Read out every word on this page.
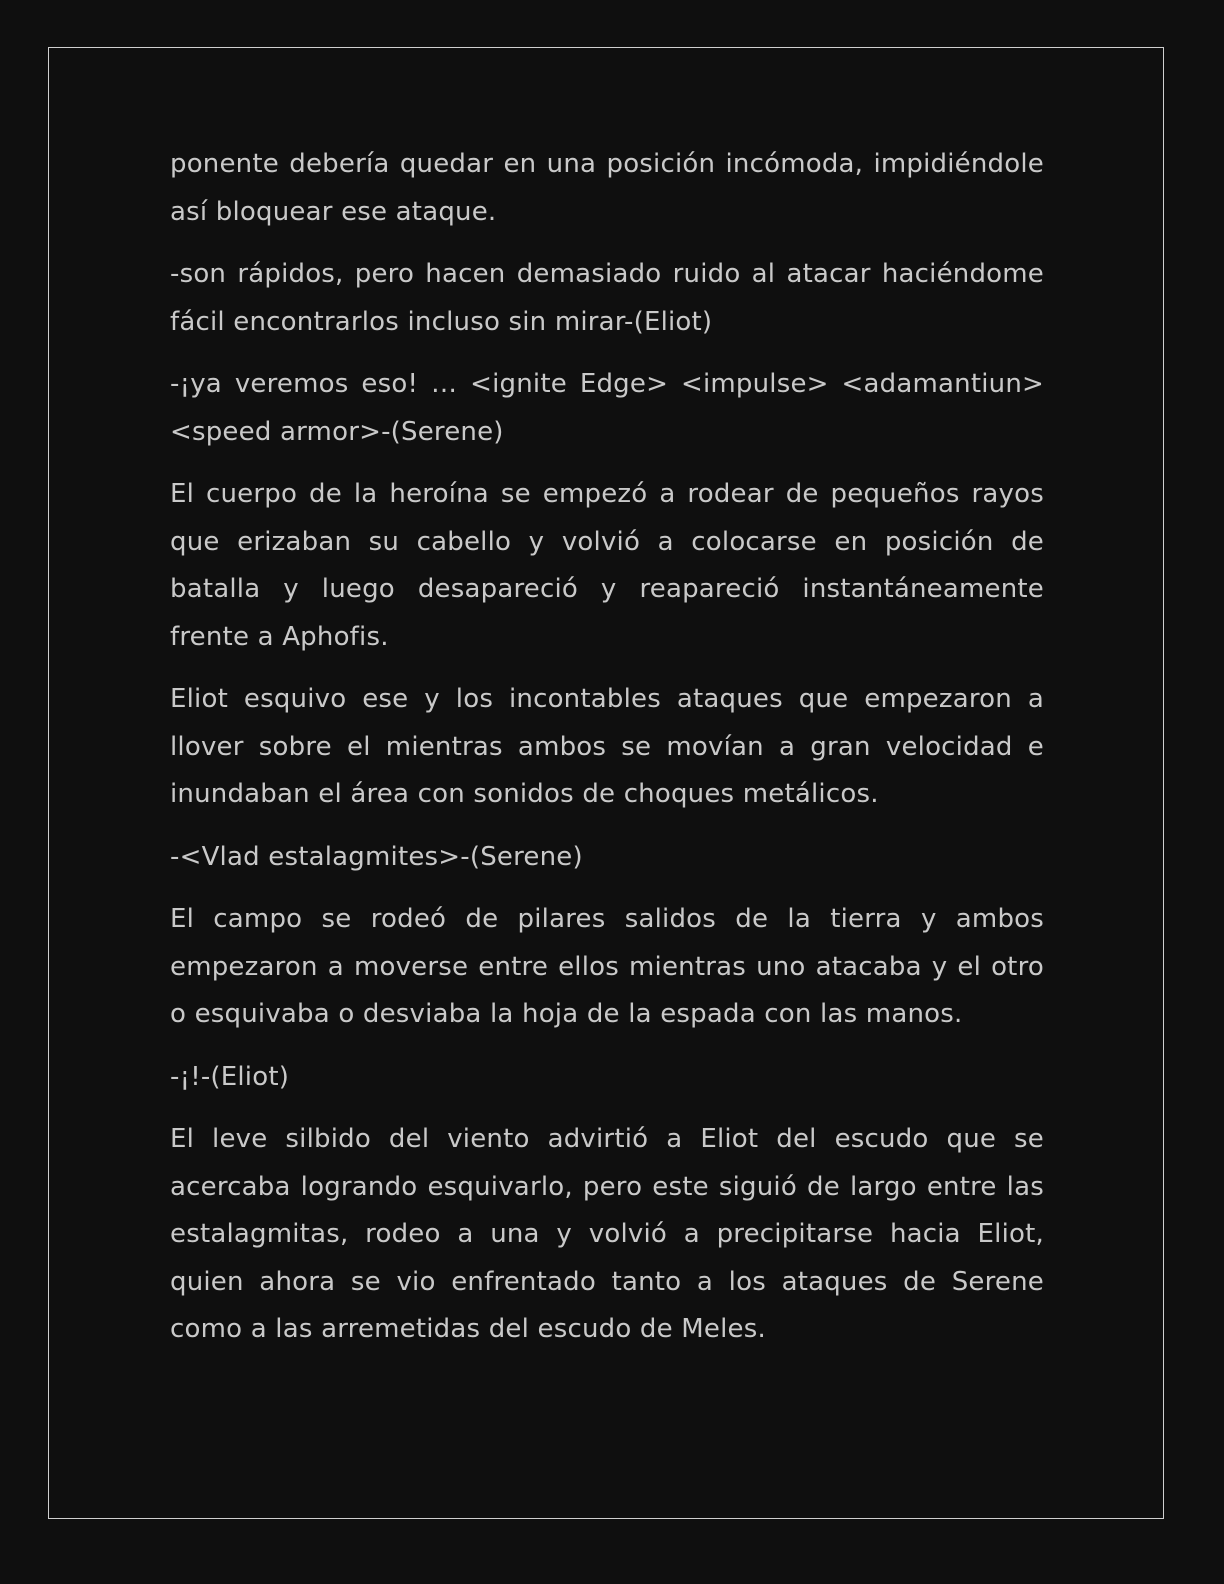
ponente debería quedar en una posición incómoda, impidiéndole así bloquear ese ataque.

-son rápidos, pero hacen demasiado ruido al atacar haciéndome fácil encontrarlos incluso sin mirar-(Eliot)

-¡ya veremos eso! … <ignite Edge> <impulse> <adamantiun> <speed armor>-(Serene)

El cuerpo de la heroína se empezó a rodear de pequeños rayos que erizaban su cabello y volvió a colocarse en posición de batalla y luego desapareció y reapareció instantáneamente frente a Aphofis.

Eliot esquivo ese y los incontables ataques que empezaron a llover sobre el mientras ambos se movían a gran velocidad e inundaban el área con sonidos de choques metálicos.

-<Vlad estalagmites>-(Serene)

El campo se rodeó de pilares salidos de la tierra y ambos empezaron a moverse entre ellos mientras uno atacaba y el otro o esquivaba o desviaba la hoja de la espada con las manos.

-¡!-(Eliot)

El leve silbido del viento advirtió a Eliot del escudo que se acercaba logrando esquivarlo, pero este siguió de largo entre las estalagmitas, rodeo a una y volvió a precipitarse hacia Eliot, quien ahora se vio enfrentado tanto a los ataques de Serene como a las arremetidas del escudo de Meles.
